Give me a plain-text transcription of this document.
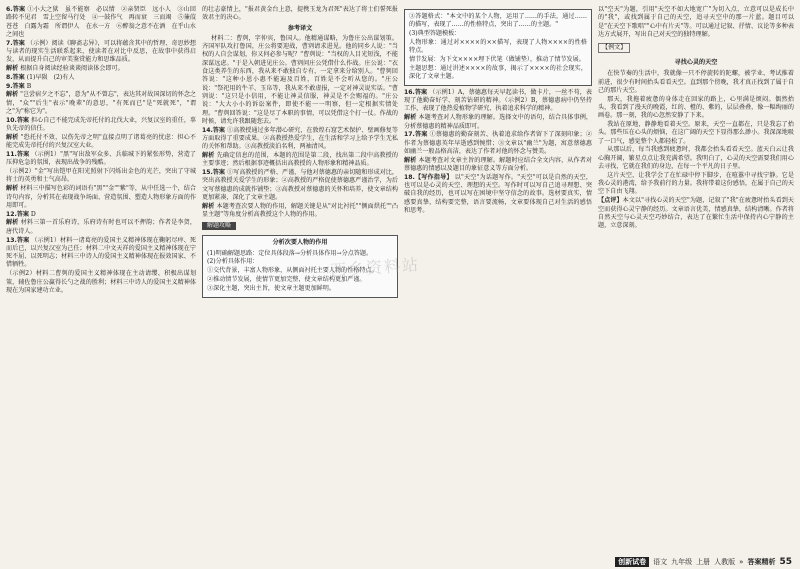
6.答案 ①小大之狱　虽不能察　必以情　②亲贤臣　远小人　③山回路转不见君　雪上空留马行处　④一鼓作气　再而衰　三而竭　⑤蒹葭苍苍　白露为霜　所谓伊人　在水一方　⑥醉翁之意不在酒　在乎山水之间也

7.答案 （示例）阅读《聊斋志异》，可以将蕴含其中的哲理、奇思妙想与读者的现实生活联系起来，使读者在对比中反思，在故事中获得启发，从而提升自己的审美鉴赏能力和思维品质。

解析 根据自身阅读经验谈谈阅读体会即可。

8.答案 (1)早陨　(2)有人

9.答案 B

解析 "岂尝宿夕之不忘"，意为"从不曾忘"，表达其对故国深切的怀念之情，"众""后生"表示"晚辈"的意思，"有死而已"是"死就死"，"谓之"为"称它为"。

10.答案 担心自己不能完成先帝托付的北伐大业，兴复汉室的重任，辜负先帝的信任。

解析 "恐托付不效，以伤先帝之明"直接点明了诸葛亮的忧虑：担心不能完成先帝托付的兴复汉室大业。

11.答案 （示例1）"黑"写出敌军众多、兵临城下的紧张形势，营造了压抑危急的氛围，表现出战争的残酷。

（示例2）"金"写出铠甲在阳光照射下闪烁出金色的光芒，突出了守城将士的英勇和士气高昂。

解析 材料三中描写色彩的词语有"黑""金""紫"等，从中任选一个，结合诗句内容，分析其在表现战争场面、营造氛围、塑造人物形象方面的作用即可。

12.答案 D

解析 材料三第一首乐府诗，乐府诗有时也可以不押韵；作者是李贺，唐代诗人。

13.答案 （示例1）材料一诸葛亮的爱国主义精神体现在鞠躬尽瘁、死而后已，以兴复汉室为己任；材料二中文天祥的爱国主义精神体现在宁死不屈、以死明志；材料三中诗人的爱国主义精神体现在报效国家、不惜牺牲。

（示例2）材料二曹刿的爱国主义精神体现在主动请缨、积极出谋划策，辅佐鲁庄公赢得长勺之战的胜利；材料三中诗人的爱国主义精神体现在为国家建功立业。

的壮志豪情上，"报君黄金台上意，提携玉龙为君死"表达了将士们誓死报效君主的决心。

参考译文

材料二：曹刿，字仲宾，鲁国人。他精通谋略，为鲁庄公出谋划策。齐国军队攻打鲁国，庄公将要迎战，曹刿请求进见。他的同乡人说："当权的人自会谋划，你又何必参与呢？"曹刿说："当权的人目光短浅，不能深谋远虑。"于是入朝进见庄公。曹刿问庄公凭借什么作战。庄公说："衣食这类养生的东西，我从来不敢独自专有，一定拿来分给别人。"曹刿回答说："这种小恩小惠不能遍及百姓，百姓是不会听从您的。"庄公说："祭祀用的牛羊、玉帛等，我从来不敢虚报，一定对神灵说实话。"曹刿说："这只是小信用，不能让神灵信服，神灵是不会赐福的。"庄公说："大大小小的诉讼案件，即使不能一一明察，但一定根据实情处理。"曹刿回答说："这是尽了本职的事情，可以凭借这个打一仗。作战的时候，请允许我跟随您去。"

14.答案 ①高教授通过多年潜心研究，在敦煌石窟艺术保护、壁画修复等方面取得了重要成果。②高教授热爱学生，在生活和学习上给予学生无私的关怀和帮助。③高教授淡泊名利，两袖清风。

解析 先确定信息的范围，本题的范围是第二段，找出第二段中高教授的主要事迹；然后根据事迹概括出高教授的人物形象和精神品质。

15.答案 ①写高教授的严格、严谨，与他对蔡德惠的亲切随和形成对比，突出高教授关爱学生的形象；②高教授的严格促使蔡德惠严谨治学，为后文写蔡德惠的成就作铺垫；③高教授对蔡德惠的关怀和培养，使文章结构更加紧凑，深化了文章主题。

解析 本题考查次要人物的作用，解题关键是从"对比衬托""侧面烘托""凸显主题"等角度分析高教授这个人物的作用。

解题攻略
分析次要人物的作用

(1)明确解题思路：定位具体段落→分析具体作用→分点答题。

(2)分析具体作用：

①交代背景，丰富人物形象，从侧面衬托主要人物的性格特点。

②推动情节发展，使情节更加完整，使文章结构更加严谨。

③深化主题，突出主旨，使文章主题更加鲜明。

③答题格式："本文中的某个人物，运用了……的手法，通过……的描写，表现了……的性格特点，突出了……的主题。"

(3)典型答题模板：

人物形象：通过对××××的××描写，表现了人物××××的性格特点。

情节发展：为下文××××埋下伏笔（做铺垫），推动了情节发展。

主题思想：通过讲述××××的故事，揭示了××××的社会现实，深化了文章主题。

16.答案 （示例1）A，蔡德惠每天早起读书，做卡片，一丝不苟，表现了他勤奋好学、刻苦钻研的精神。（示例2）B，蔡德惠病中仍坚持工作，表现了他热爱植物学研究、执着追求科学的精神。

解析 本题考查对人物形象的理解。选择文中的语句，结合具体事例，分析蔡德惠的精神品质即可。

17.答案 ①蔡德惠的勤奋刻苦、执着追求给作者留下了深刻印象；②作者为蔡德惠英年早逝感到惋惜；③文章以"幽兰"为题，寓意蔡德惠如幽兰一般品格高洁，表达了作者对他的怀念与赞美。

解析 本题考查对文章主旨的理解。解题时应结合全文内容，从作者对蔡德惠的情感以及题目的象征意义等方面分析。

18.【写作指导】 以"天空"为话题写作。"天空"可以是自然的天空，也可以是心灵的天空、理想的天空。写作时可以写自己追寻理想、突破自我的经历，也可以写在困境中坚守信念的故事。选材要真实，情感要真挚，结构要完整，语言要流畅，文章要体现自己对生活的感悟和思考。

以"空天"为题，引用"天空不如大地宽广"为切入点，立意可以是成长中的"我"，或找到属于自己的天空，追寻天空中的那一片蓝。题目可以是"在天空下歌唱""心中有片天"等。可以通过记叙、抒情、议论等多种表达方式展开，写出自己对天空的独特理解。

【例文】
寻找心灵的天空

在快节奏的生活中，我就像一只不停旋转的陀螺，被学业、考试推着前进，很少有时间抬头看看天空。直到那个傍晚，我才真正找到了属于自己的那片天空。

那天，我拖着疲惫的身体走在回家的路上，心里满是烦闷。偶然抬头，我看到了漫天的晚霞，红的、橙的、紫的，层层叠叠，像一幅绚丽的画卷。那一刻，我的心忽然安静了下来。

我站在原地，静静地看着天空。原来，天空一直都在，只是我忘了抬头。那些压在心头的烦恼，在这广阔的天空下显得那么渺小。我深深地吸了一口气，感觉整个人都轻松了。

从那以后，每当我感到疲惫时，我都会抬头看看天空。蓝天白云让我心胸开阔，繁星点点让我充满希望。我明白了，心灵的天空需要我们用心去寻找，它就在我们的身边，在每一个平凡的日子里。

这片天空，让我学会了在忙碌中停下脚步，在喧嚣中寻找宁静。它是我心灵的港湾，给予我前行的力量。我将带着这份感悟，在属于自己的天空下自由飞翔。

【点评】本文以"寻找心灵的天空"为题，记叙了"我"在疲惫时抬头看到天空而获得心灵宁静的经历。文章语言优美，情感真挚，结构清晰。作者将自然天空与心灵天空巧妙结合，表达了在繁忙生活中保持内心宁静的主题，立意深刻。

西乡资料站
创新试卷	语文 九年级 上册 人教版 » 答案精析 55
